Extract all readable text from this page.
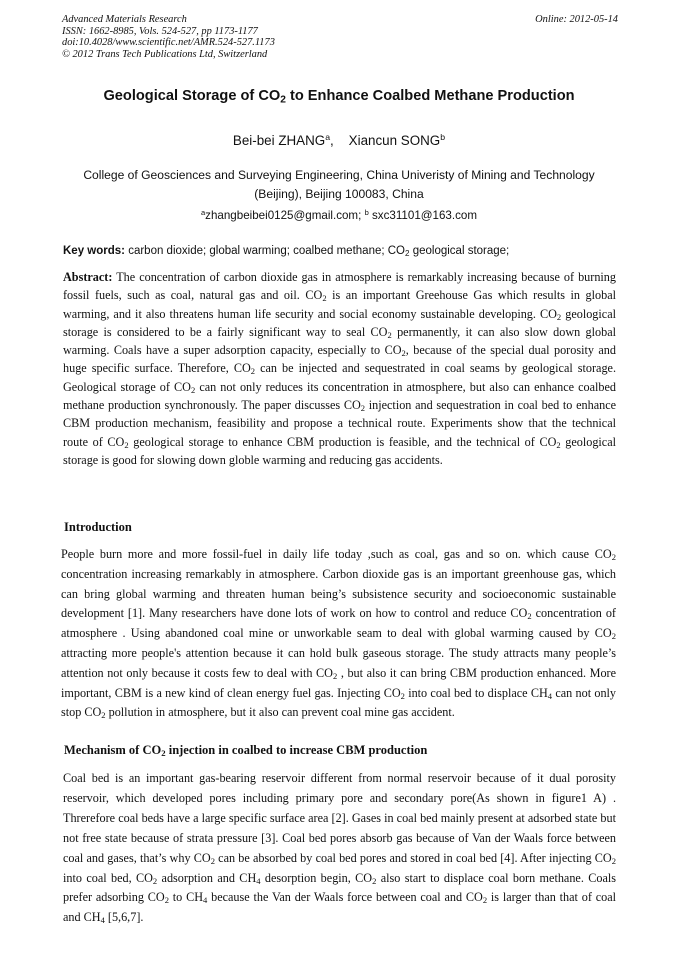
Advanced Materials Research
ISSN: 1662-8985, Vols. 524-527, pp 1173-1177
doi:10.4028/www.scientific.net/AMR.524-527.1173
© 2012 Trans Tech Publications Ltd, Switzerland
Online: 2012-05-14
Geological Storage of $CO_2$ to Enhance Coalbed Methane Production
Bei-bei ZHANG$^a$, Xiancun SONG$^b$
College of Geosciences and Surveying Engineering, China Univeristy of Mining and Technology (Beijing), Beijing 100083, China
$^a$zhangbeibei0125@gmail.com; $^b$ sxc31101@163.com
Key words: carbon dioxide; global warming; coalbed methane; $CO_2$ geological storage;
Abstract: The concentration of carbon dioxide gas in atmosphere is remarkably increasing because of burning fossil fuels, such as coal, natural gas and oil. $CO_2$ is an important Greehouse Gas which results in global warming, and it also threatens human life security and social economy sustainable developing. $CO_2$ geological storage is considered to be a fairly significant way to seal $CO_2$ permanently, it can also slow down global warming. Coals have a super adsorption capacity, especially to $CO_2$, because of the special dual porosity and huge specific surface. Therefore, $CO_2$ can be injected and sequestrated in coal seams by geological storage. Geological storage of $CO_2$ can not only reduces its concentration in atmosphere, but also can enhance coalbed methane production synchronously. The paper discusses $CO_2$ injection and sequestration in coal bed to enhance CBM production mechanism, feasibility and propose a technical route. Experiments show that the technical route of $CO_2$ geological storage to enhance CBM production is feasible, and the technical of $CO_2$ geological storage is good for slowing down globle warming and reducing gas accidents.
Introduction
People burn more and more fossil-fuel in daily life today ,such as coal, gas and so on. which cause $CO_2$ concentration increasing remarkably in atmosphere. Carbon dioxide gas is an important greenhouse gas, which can bring global warming and threaten human being’s subsistence security and socioeconomic sustainable development [1]. Many researchers have done lots of work on how to control and reduce $CO_2$ concentration of atmosphere . Using abandoned coal mine or unworkable seam to deal with global warming caused by $CO_2$ attracting more people's attention because it can hold bulk gaseous storage. The study attracts many people’s attention not only because it costs few to deal with $CO_2$ , but also it can bring CBM production enhanced. More important, CBM is a new kind of clean energy fuel gas. Injecting $CO_2$ into coal bed to displace $CH_4$ can not only stop $CO_2$ pollution in atmosphere, but it also can prevent coal mine gas accident.
Mechanism of $CO_2$ injection in coalbed to increase CBM production
Coal bed is an important gas-bearing reservoir different from normal reservoir because of it dual porosity reservoir, which developed pores including primary pore and secondary pore(As shown in figure1 A) . Threrefore coal beds have a large specific surface area [2]. Gases in coal bed mainly present at adsorbed state but not free state because of strata pressure [3]. Coal bed pores absorb gas because of Van der Waals force between coal and gases, that’s why $CO_2$ can be absorbed by coal bed pores and stored in coal bed [4]. After injecting $CO_2$ into coal bed, $CO_2$ adsorption and $CH_4$ desorption begin, $CO_2$ also start to displace coal born methane. Coals prefer adsorbing $CO_2$ to $CH_4$ because the Van der Waals force between coal and $CO_2$ is larger than that of coal and $CH_4$ [5,6,7].
